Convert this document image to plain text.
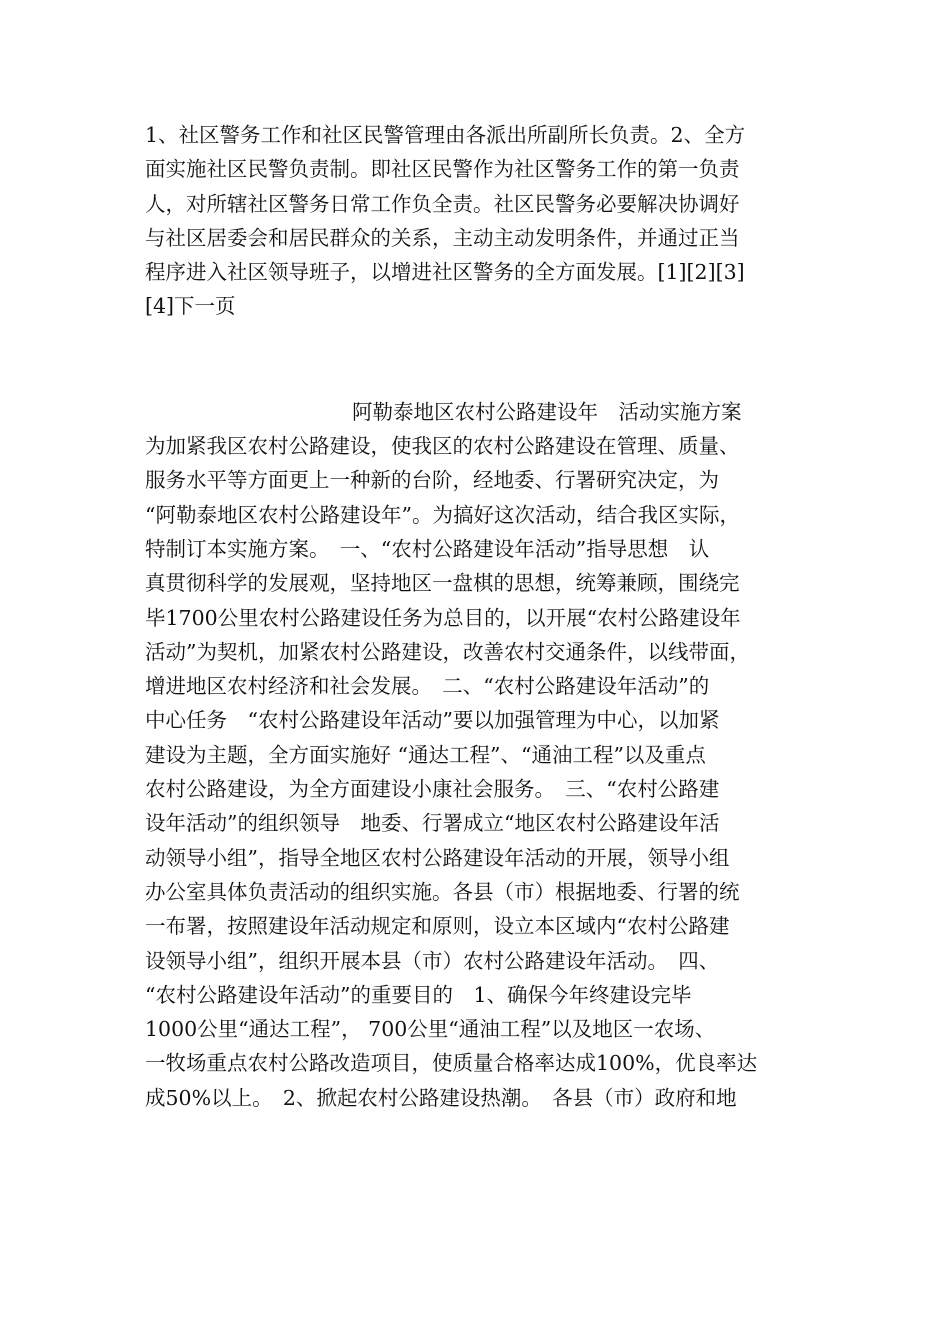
1、社区警务工作和社区民警管理由各派出所副所长负责。2、全方
面实施社区民警负责制。即社区民警作为社区警务工作的第一负责
人，对所辖社区警务日常工作负全责。社区民警务必要解决协调好
与社区居委会和居民群众的关系，主动主动发明条件，并通过正当
程序进入社区领导班子，以增进社区警务的全方面发展。[1][2][3]
[4]下一页
阿勒泰地区农村公路建设年　活动实施方案
为加紧我区农村公路建设，使我区的农村公路建设在管理、质量、
服务水平等方面更上一种新的台阶，经地委、行署研究决定，为
“阿勒泰地区农村公路建设年”。为搞好这次活动，结合我区实际，
特制订本实施方案。　一、“农村公路建设年活动”指导思想　认
真贯彻科学的发展观，坚持地区一盘棋的思想，统筹兼顾，围绕完
毕1700公里农村公路建设任务为总目的，以开展“农村公路建设年
活动”为契机，加紧农村公路建设，改善农村交通条件，以线带面，
增进地区农村经济和社会发展。　二、“农村公路建设年活动”的
中心任务　“农村公路建设年活动”要以加强管理为中心，以加紧
建设为主题，全方面实施好 “通达工程”、“通油工程”以及重点
农村公路建设，为全方面建设小康社会服务。　三、“农村公路建
设年活动”的组织领导　地委、行署成立“地区农村公路建设年活
动领导小组”，指导全地区农村公路建设年活动的开展，领导小组
办公室具体负责活动的组织实施。各县（市）根据地委、行署的统
一布署，按照建设年活动规定和原则，设立本区域内“农村公路建
设领导小组”，组织开展本县（市）农村公路建设年活动。　四、
“农村公路建设年活动”的重要目的　1、确保今年终建设完毕
1000公里“通达工程”， 700公里“通油工程”以及地区一农场、
一牧场重点农村公路改造项目，使质量合格率达成100%，优良率达
成50%以上。　2、掀起农村公路建设热潮。　各县（市）政府和地
